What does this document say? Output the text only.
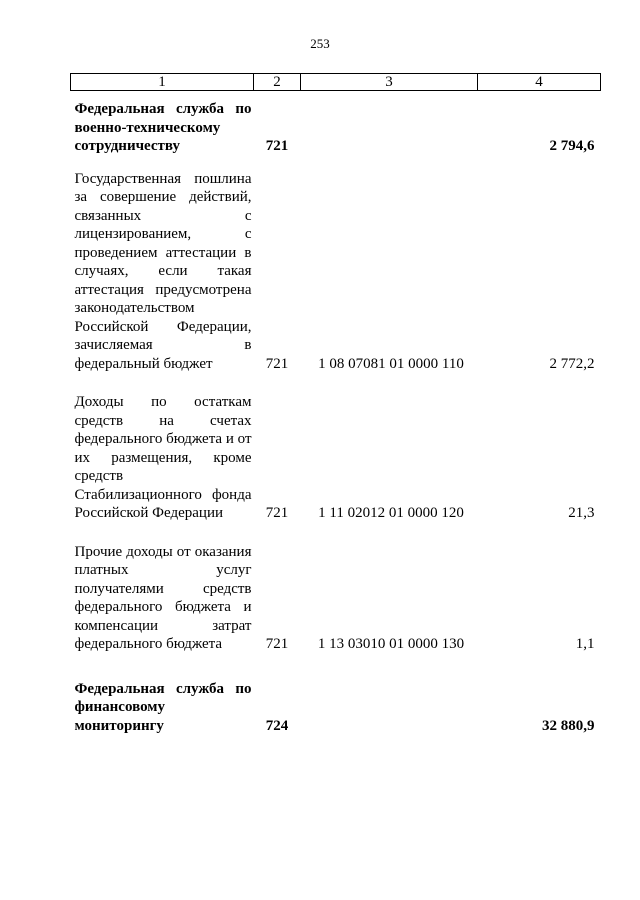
253
1	2	3	4
Федеральная служба по военно-техническому сотрудничеству	721		2 794,6
Государственная пошлина за совершение действий, связанных с лицензированием, с проведением аттестации в случаях, если такая аттестация предусмотрена законодательством Российской Федерации, зачисляемая в федеральный бюджет	721	1 08 07081 01 0000 110	2 772,2
Доходы по остаткам средств на счетах федерального бюджета и от их размещения, кроме средств Стабилизационного фонда Российской Федерации	721	1 11 02012 01 0000 120	21,3
Прочие доходы от оказания платных услуг получателями средств федерального бюджета и компенсации затрат федерального бюджета	721	1 13 03010 01 0000 130	1,1
Федеральная служба по финансовому мониторингу	724		32 880,9
